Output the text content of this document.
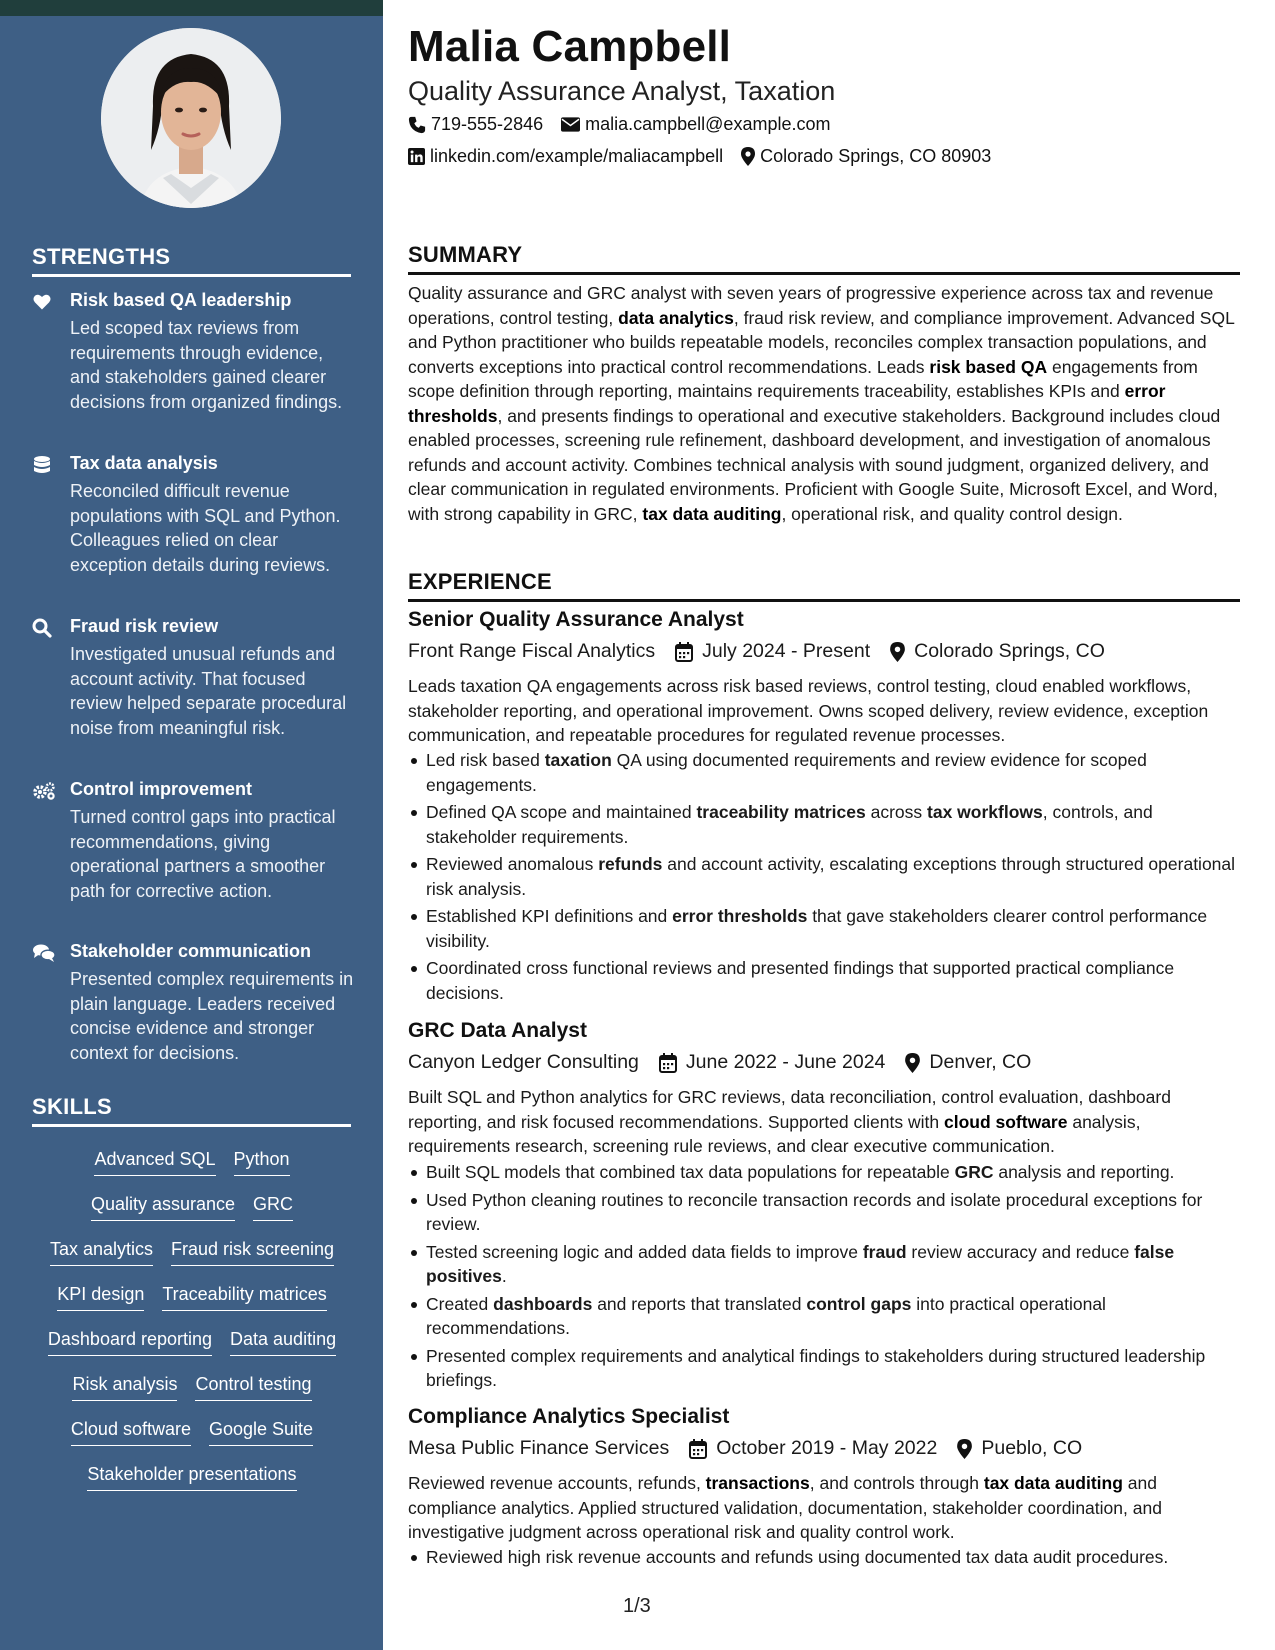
STRENGTHS
Risk based QA leadership
Led scoped tax reviews from requirements through evidence, and stakeholders gained clearer decisions from organized findings.
Tax data analysis
Reconciled difficult revenue populations with SQL and Python. Colleagues relied on clear exception details during reviews.
Fraud risk review
Investigated unusual refunds and account activity. That focused review helped separate procedural noise from meaningful risk.
Control improvement
Turned control gaps into practical recommendations, giving operational partners a smoother path for corrective action.
Stakeholder communication
Presented complex requirements in plain language. Leaders received concise evidence and stronger context for decisions.
SKILLS
Advanced SQL Python
Quality assurance GRC
Tax analytics Fraud risk screening
KPI design Traceability matrices
Dashboard reporting Data auditing
Risk analysis Control testing
Cloud software Google Suite
Stakeholder presentations
Malia Campbell
Quality Assurance Analyst, Taxation
719-555-2846 malia.campbell@example.com
linkedin.com/example/maliacampbell Colorado Springs, CO 80903
SUMMARY
Quality assurance and GRC analyst with seven years of progressive experience across tax and revenue operations, control testing, data analytics, fraud risk review, and compliance improvement. Advanced SQL and Python practitioner who builds repeatable models, reconciles complex transaction populations, and converts exceptions into practical control recommendations. Leads risk based QA engagements from scope definition through reporting, maintains requirements traceability, establishes KPIs and error thresholds, and presents findings to operational and executive stakeholders. Background includes cloud enabled processes, screening rule refinement, dashboard development, and investigation of anomalous refunds and account activity. Combines technical analysis with sound judgment, organized delivery, and clear communication in regulated environments. Proficient with Google Suite, Microsoft Excel, and Word, with strong capability in GRC, tax data auditing, operational risk, and quality control design.
EXPERIENCE
Senior Quality Assurance Analyst
Front Range Fiscal Analytics July 2024 - Present Colorado Springs, CO
Leads taxation QA engagements across risk based reviews, control testing, cloud enabled workflows, stakeholder reporting, and operational improvement. Owns scoped delivery, review evidence, exception communication, and repeatable procedures for regulated revenue processes.
Led risk based taxation QA using documented requirements and review evidence for scoped engagements.
Defined QA scope and maintained traceability matrices across tax workflows, controls, and stakeholder requirements.
Reviewed anomalous refunds and account activity, escalating exceptions through structured operational risk analysis.
Established KPI definitions and error thresholds that gave stakeholders clearer control performance visibility.
Coordinated cross functional reviews and presented findings that supported practical compliance decisions.
GRC Data Analyst
Canyon Ledger Consulting June 2022 - June 2024 Denver, CO
Built SQL and Python analytics for GRC reviews, data reconciliation, control evaluation, dashboard reporting, and risk focused recommendations. Supported clients with cloud software analysis, requirements research, screening rule reviews, and clear executive communication.
Built SQL models that combined tax data populations for repeatable GRC analysis and reporting.
Used Python cleaning routines to reconcile transaction records and isolate procedural exceptions for review.
Tested screening logic and added data fields to improve fraud review accuracy and reduce false positives.
Created dashboards and reports that translated control gaps into practical operational recommendations.
Presented complex requirements and analytical findings to stakeholders during structured leadership briefings.
Compliance Analytics Specialist
Mesa Public Finance Services October 2019 - May 2022 Pueblo, CO
Reviewed revenue accounts, refunds, transactions, and controls through tax data auditing and compliance analytics. Applied structured validation, documentation, stakeholder coordination, and investigative judgment across operational risk and quality control work.
Reviewed high risk revenue accounts and refunds using documented tax data audit procedures.
1/3
